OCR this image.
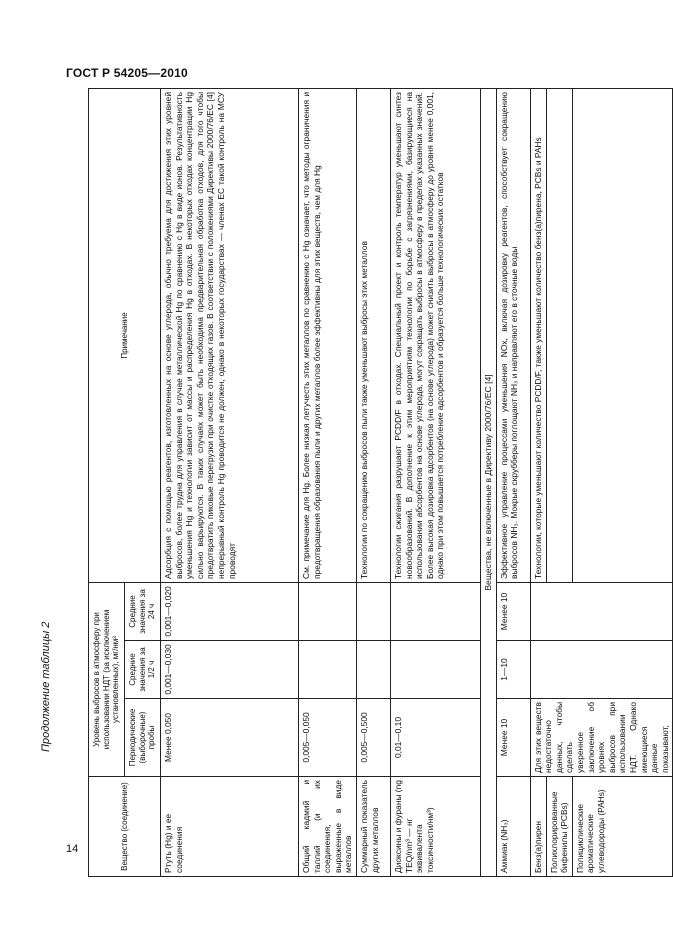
ГОСТ Р 54205—2010
Продолжение таблицы 2
14	Вещество (соединение)	Уровень выбросов в атмосферу при использовании НДТ (за исключением установленных), мг/нм³			Примечание
	Периодические (выборочные) пробы	Средние значения за 1/2 ч	Средние значения за 24 ч	
Ртуть (Hg) и ее соединения	Менее 0,050	0,001—0,030	0,001—0,020	Адсорбция с помощью реагентов, изготовленных на основе углерода, обычно требуема для достижения этих уровней выбросов, более трудна для управления в случае металлической Hg по сравнению с Hg в виде ионов. Результативность уменьшения Hg и технологии зависит от массы и распределения Hg в отходах. В некоторых отходах концентрации Hg сильно варьируются. В таких случаях может быть необходима предварительная обработка отходов, для того чтобы предотвратить пиковые перегрузки при очистке отходящих газов. В соответствии с положениями Директивы 2000/76/ЕС [4] непрерывный контроль Hg проводится не должен, однако в некоторых государствах — членах ЕС такой контроль на МСУ проводят
Общий кадмий и таллий (и их соединения, выраженные в виде металлов	0,005—0,050			См. примечание для Hg. Более низкая летучесть этих металлов по сравнению с Hg означает, что методы ограничения и предотвращения образования пыли и других металлов более эффективны для этих веществ, чем для Hg
Суммарный показатель других металлов	0,005—0,500			Технологии по сокращению выбросов пыли также уменьшают выбросы этих металлов
Диоксины и фураны (ng TEQ/nm³ — нг эквивалента токсичности/нм³)	0,01—0,10			Технологии сжигания разрушают PCDD/F в отходах. Специальный проект и контроль температур уменьшают синтез новообразований. В дополнение к этим мероприятиям технологии по борьбе с загрязнениями, базирующиеся на использовании абсорбентов на основе углерода, могут сокращать выбросы в атмосферу в пределах указанных значений. Более высокая дозировка адсорбентов (на основе углерода) может снизить выбросы в атмосферу до уровня менее 0,001, однако при этом повышается потребление адсорбентов и образуется больше технологических остатков
Вещества, не включенные в Директиву 2000/76/ЕС [4]				
Аммиак (NH₃)	Менее 10	1—10	Менее 10	Эффективное управление процессами уменьшения NOx, включая дозировку реагентов, способствует сокращению выбросов NH₃. Мокрые скрубберы поглощают NH₃ и направляют его в сточные воды
Бенз(а)пирен	Для этих веществ недостаточно данных, чтобы сделать уверенное заключение об уровнях выбросов при использовании НДТ. Однако имеющиеся данные показывают,			Технологии, которые уменьшают количество PCDD/F, также уменьшают количество бенз(а)пирена, PCBs и PAHs
Полихлорированные бифенилы (PCBs)				
Полициклические ароматические углеводороды (PAHs)				
